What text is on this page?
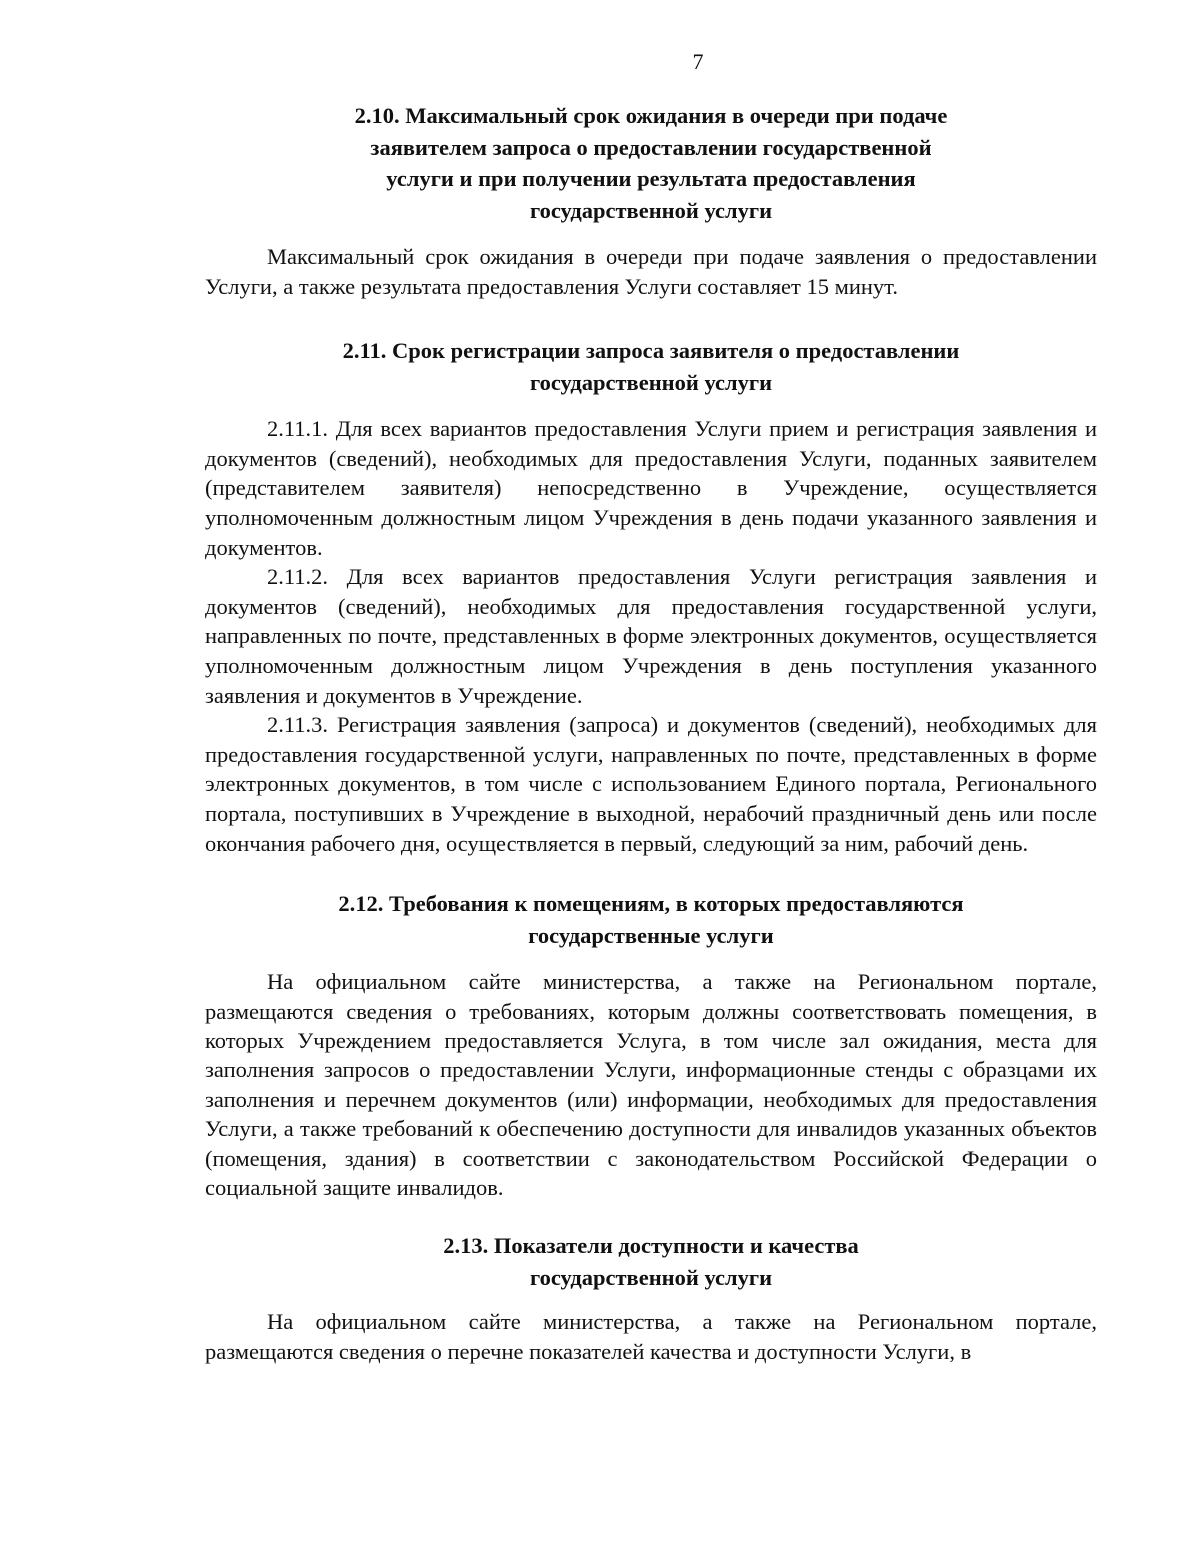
7
2.10. Максимальный срок ожидания в очереди при подаче
заявителем запроса о предоставлении государственной
услуги и при получении результата предоставления
государственной услуги

Максимальный срок ожидания в очереди при подаче заявления о предоставлении Услуги, а также результата предоставления Услуги составляет 15 минут.

2.11. Срок регистрации запроса заявителя о предоставлении
государственной услуги

2.11.1. Для всех вариантов предоставления Услуги прием и регистрация заявления и документов (сведений), необходимых для предоставления Услуги, поданных заявителем (представителем заявителя) непосредственно в Учреждение, осуществляется уполномоченным должностным лицом Учреждения в день подачи указанного заявления и документов.

2.11.2. Для всех вариантов предоставления Услуги регистрация заявления и документов (сведений), необходимых для предоставления государственной услуги, направленных по почте, представленных в форме электронных документов, осуществляется уполномоченным должностным лицом Учреждения в день поступления указанного заявления и документов в Учреждение.

2.11.3. Регистрация заявления (запроса) и документов (сведений), необходимых для предоставления государственной услуги, направленных по почте, представленных в форме электронных документов, в том числе с использованием Единого портала, Регионального портала, поступивших в Учреждение в выходной, нерабочий праздничный день или после окончания рабочего дня, осуществляется в первый, следующий за ним, рабочий день.

2.12. Требования к помещениям, в которых предоставляются
государственные услуги

На официальном сайте министерства, а также на Региональном портале, размещаются сведения о требованиях, которым должны соответствовать помещения, в которых Учреждением предоставляется Услуга, в том числе зал ожидания, места для заполнения запросов о предоставлении Услуги, информационные стенды с образцами их заполнения и перечнем документов (или) информации, необходимых для предоставления Услуги, а также требований к обеспечению доступности для инвалидов указанных объектов (помещения, здания) в соответствии с законодательством Российской Федерации о социальной защите инвалидов.

2.13. Показатели доступности и качества
государственной услуги

На официальном сайте министерства, а также на Региональном портале, размещаются сведения о перечне показателей качества и доступности Услуги, в
